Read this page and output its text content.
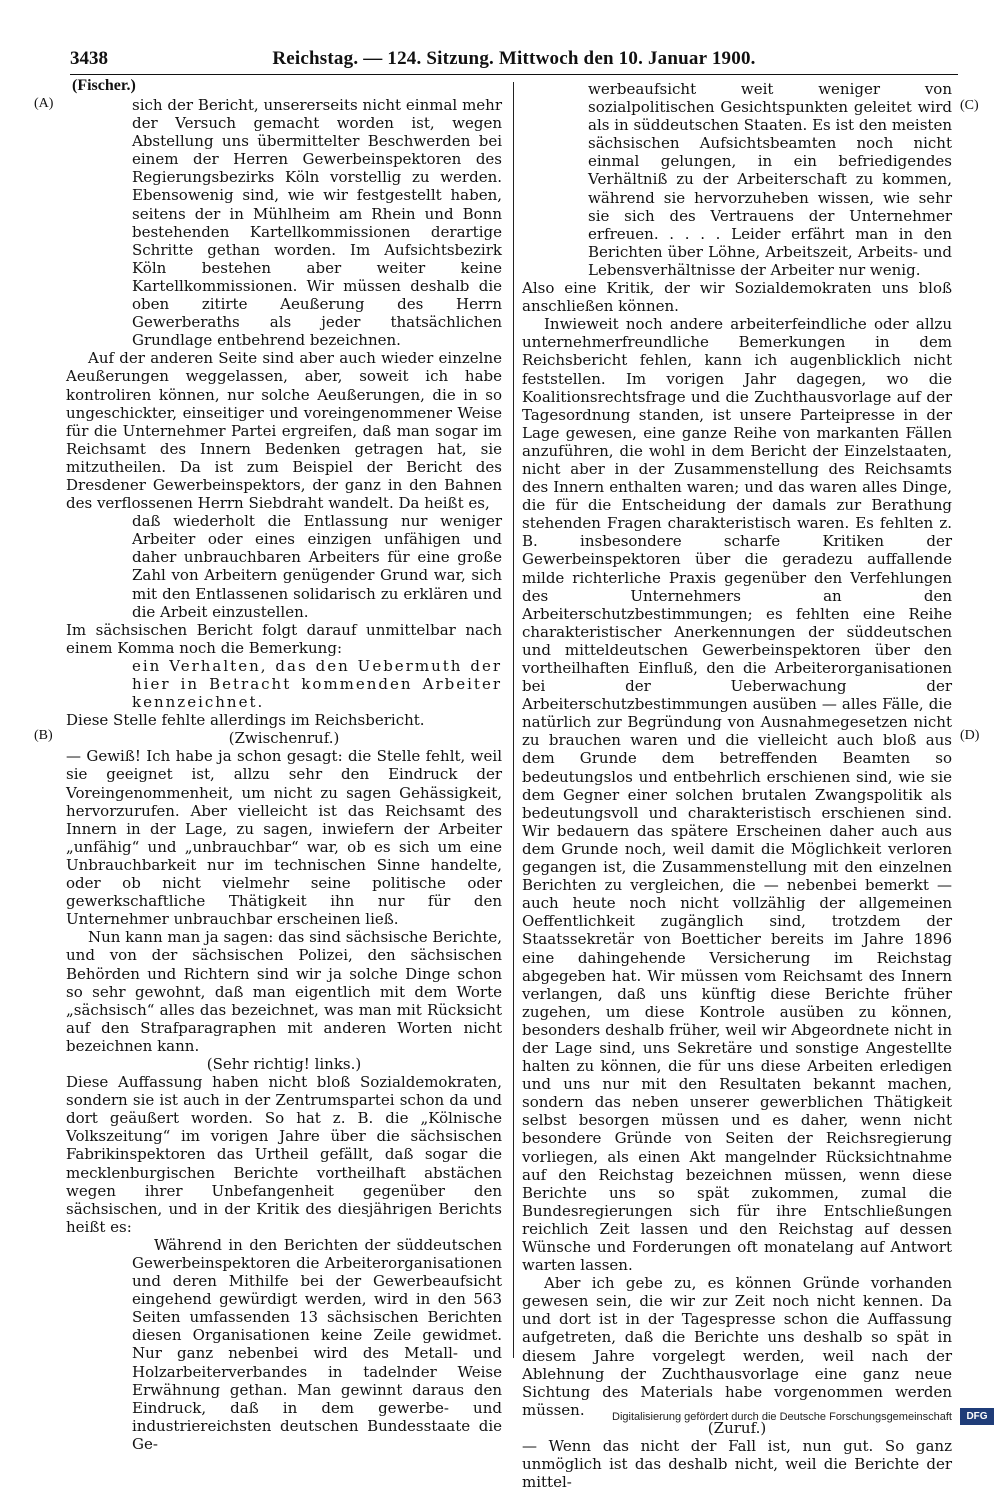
3438	Reichstag. — 124. Sitzung. Mittwoch den 10. Januar 1900.
(Fischer.)
(A)
(B)
(C)
(D)

sich der Bericht, unsererseits nicht einmal mehr der Versuch gemacht worden ist, wegen Abstellung uns übermittelter Beschwerden bei einem der Herren Gewerbeinspektoren des Regierungsbezirks Köln vorstellig zu werden. Ebensowenig sind, wie wir festgestellt haben, seitens der in Mühlheim am Rhein und Bonn bestehenden Kartellkommissionen derartige Schritte gethan worden. Im Aufsichtsbezirk Köln bestehen aber weiter keine Kartellkommissionen. Wir müssen deshalb die oben zitirte Aeußerung des Herrn Gewerberaths als jeder thatsächlichen Grundlage entbehrend bezeichnen.

Auf der anderen Seite sind aber auch wieder einzelne Aeußerungen weggelassen, aber, soweit ich habe kontroliren können, nur solche Aeußerungen, die in so ungeschickter, einseitiger und voreingenommener Weise für die Unternehmer Partei ergreifen, daß man sogar im Reichsamt des Innern Bedenken getragen hat, sie mitzutheilen. Da ist zum Beispiel der Bericht des Dresdener Gewerbeinspektors, der ganz in den Bahnen des verflossenen Herrn Siebdraht wandelt. Da heißt es,

daß wiederholt die Entlassung nur weniger Arbeiter oder eines einzigen unfähigen und daher unbrauchbaren Arbeiters für eine große Zahl von Arbeitern genügender Grund war, sich mit den Entlassenen solidarisch zu erklären und die Arbeit einzustellen.

Im sächsischen Bericht folgt darauf unmittelbar nach einem Komma noch die Bemerkung:

ein Verhalten, das den Uebermuth der hier in Betracht kommenden Arbeiter kennzeichnet.

Diese Stelle fehlte allerdings im Reichsbericht.

(Zwischenruf.)

— Gewiß! Ich habe ja schon gesagt: die Stelle fehlt, weil sie geeignet ist, allzu sehr den Eindruck der Voreingenommenheit, um nicht zu sagen Gehässigkeit, hervorzurufen. Aber vielleicht ist das Reichsamt des Innern in der Lage, zu sagen, inwiefern der Arbeiter „unfähig“ und „unbrauchbar“ war, ob es sich um eine Unbrauchbarkeit nur im technischen Sinne handelte, oder ob nicht vielmehr seine politische oder gewerkschaftliche Thätigkeit ihn nur für den Unternehmer unbrauchbar erscheinen ließ.

Nun kann man ja sagen: das sind sächsische Berichte, und von der sächsischen Polizei, den sächsischen Behörden und Richtern sind wir ja solche Dinge schon so sehr gewohnt, daß man eigentlich mit dem Worte „sächsisch“ alles das bezeichnet, was man mit Rücksicht auf den Strafparagraphen mit anderen Worten nicht bezeichnen kann.

(Sehr richtig! links.)

Diese Auffassung haben nicht bloß Sozialdemokraten, sondern sie ist auch in der Zentrumspartei schon da und dort geäußert worden. So hat z. B. die „Kölnische Volkszeitung“ im vorigen Jahre über die sächsischen Fabrikinspektoren das Urtheil gefällt, daß sogar die mecklenburgischen Berichte vortheilhaft abstächen wegen ihrer Unbefangenheit gegenüber den sächsischen, und in der Kritik des diesjährigen Berichts heißt es:

Während in den Berichten der süddeutschen Gewerbeinspektoren die Arbeiterorganisationen und deren Mithilfe bei der Gewerbeaufsicht eingehend gewürdigt werden, wird in den 563 Seiten umfassenden 13 sächsischen Berichten diesen Organisationen keine Zeile gewidmet. Nur ganz nebenbei wird des Metall- und Holzarbeiterverbandes in tadelnder Weise Erwähnung gethan. Man gewinnt daraus den Eindruck, daß in dem gewerbe- und industriereichsten deutschen Bundesstaate die Ge-

werbeaufsicht weit weniger von sozialpolitischen Gesichtspunkten geleitet wird als in süddeutschen Staaten. Es ist den meisten sächsischen Aufsichtsbeamten noch nicht einmal gelungen, in ein befriedigendes Verhältniß zu der Arbeiterschaft zu kommen, während sie hervorzuheben wissen, wie sehr sie sich des Vertrauens der Unternehmer erfreuen. . . . . Leider erfährt man in den Berichten über Löhne, Arbeitszeit, Arbeits- und Lebensverhältnisse der Arbeiter nur wenig.

Also eine Kritik, der wir Sozialdemokraten uns bloß anschließen können.

Inwieweit noch andere arbeiterfeindliche oder allzu unternehmerfreundliche Bemerkungen in dem Reichsbericht fehlen, kann ich augenblicklich nicht feststellen. Im vorigen Jahr dagegen, wo die Koalitionsrechtsfrage und die Zuchthausvorlage auf der Tagesordnung standen, ist unsere Parteipresse in der Lage gewesen, eine ganze Reihe von markanten Fällen anzuführen, die wohl in dem Bericht der Einzelstaaten, nicht aber in der Zusammenstellung des Reichsamts des Innern enthalten waren; und das waren alles Dinge, die für die Entscheidung der damals zur Berathung stehenden Fragen charakteristisch waren. Es fehlten z. B. insbesondere scharfe Kritiken der Gewerbeinspektoren über die geradezu auffallende milde richterliche Praxis gegenüber den Verfehlungen des Unternehmers an den Arbeiterschutzbestimmungen; es fehlten eine Reihe charakteristischer Anerkennungen der süddeutschen und mitteldeutschen Gewerbeinspektoren über den vortheilhaften Einfluß, den die Arbeiterorganisationen bei der Ueberwachung der Arbeiterschutzbestimmungen ausüben — alles Fälle, die natürlich zur Begründung von Ausnahmegesetzen nicht zu brauchen waren und die vielleicht auch bloß aus dem Grunde dem betreffenden Beamten so bedeutungslos und entbehrlich erschienen sind, wie sie dem Gegner einer solchen brutalen Zwangspolitik als bedeutungsvoll und charakteristisch erschienen sind. Wir bedauern das spätere Erscheinen daher auch aus dem Grunde noch, weil damit die Möglichkeit verloren gegangen ist, die Zusammenstellung mit den einzelnen Berichten zu vergleichen, die — nebenbei bemerkt — auch heute noch nicht vollzählig der allgemeinen Oeffentlichkeit zugänglich sind, trotzdem der Staatssekretär von Boetticher bereits im Jahre 1896 eine dahingehende Versicherung im Reichstag abgegeben hat. Wir müssen vom Reichsamt des Innern verlangen, daß uns künftig diese Berichte früher zugehen, um diese Kontrole ausüben zu können, besonders deshalb früher, weil wir Abgeordnete nicht in der Lage sind, uns Sekretäre und sonstige Angestellte halten zu können, die für uns diese Arbeiten erledigen und uns nur mit den Resultaten bekannt machen, sondern das neben unserer gewerblichen Thätigkeit selbst besorgen müssen und es daher, wenn nicht besondere Gründe von Seiten der Reichsregierung vorliegen, als einen Akt mangelnder Rücksichtnahme auf den Reichstag bezeichnen müssen, wenn diese Berichte uns so spät zukommen, zumal die Bundesregierungen sich für ihre Entschließungen reichlich Zeit lassen und den Reichstag auf dessen Wünsche und Forderungen oft monatelang auf Antwort warten lassen.

Aber ich gebe zu, es können Gründe vorhanden gewesen sein, die wir zur Zeit noch nicht kennen. Da und dort ist in der Tagespresse schon die Auffassung aufgetreten, daß die Berichte uns deshalb so spät in diesem Jahre vorgelegt werden, weil nach der Ablehnung der Zuchthausvorlage eine ganz neue Sichtung des Materials habe vorgenommen werden müssen.

(Zuruf.)

— Wenn das nicht der Fall ist, nun gut. So ganz unmöglich ist das deshalb nicht, weil die Berichte der mittel-

Digitalisierung gefördert durch die Deutsche Forschungsgemeinschaft	DFG
